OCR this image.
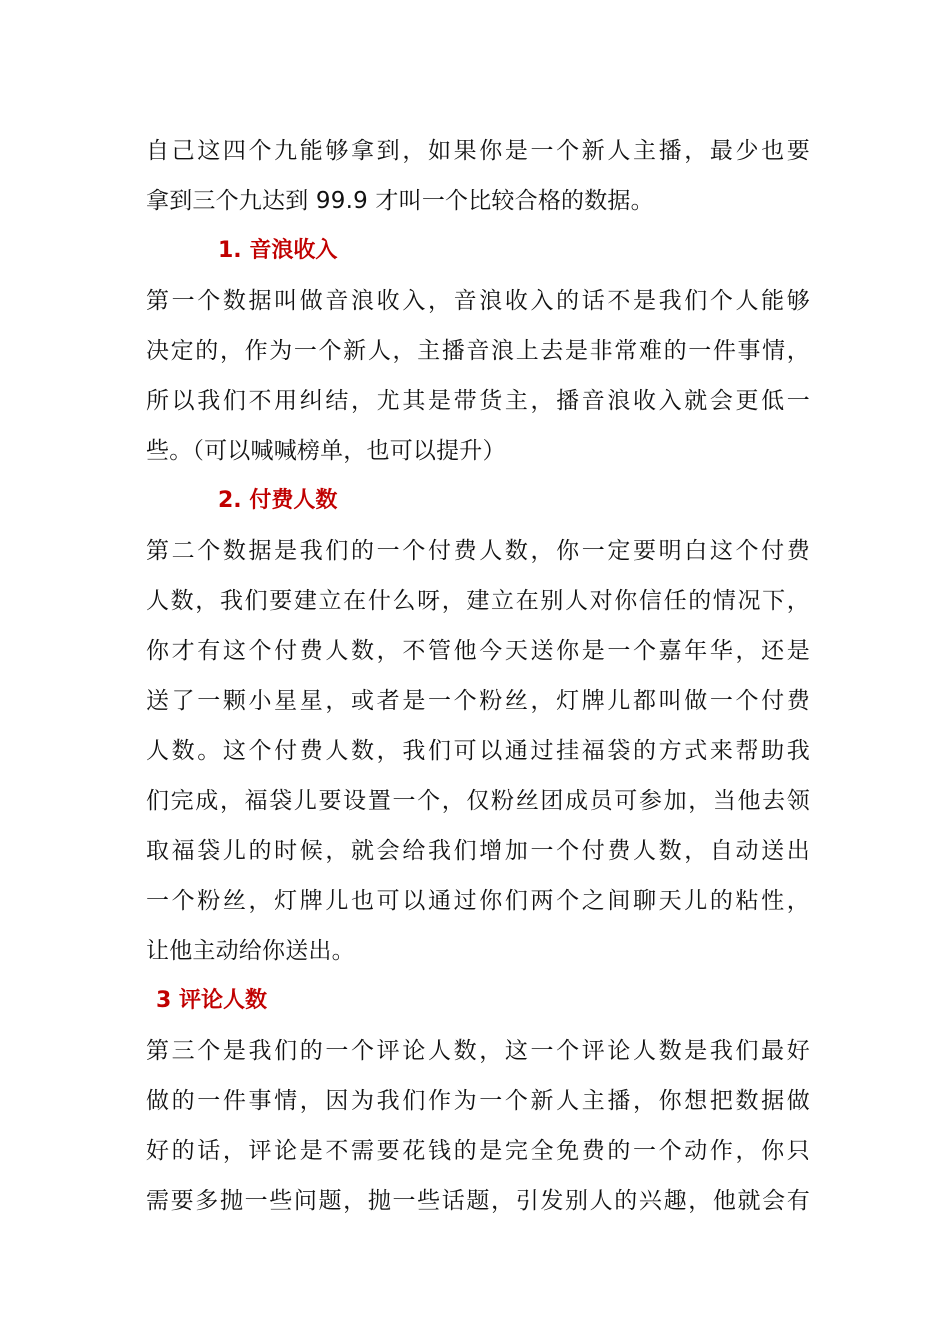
自己这四个九能够拿到，如果你是一个新人主播，最少也要
拿到三个九达到 99.9 才叫一个比较合格的数据。
1. 音浪收入
第一个数据叫做音浪收入，音浪收入的话不是我们个人能够
决定的，作为一个新人，主播音浪上去是非常难的一件事情，
所以我们不用纠结，尤其是带货主，播音浪收入就会更低一
些。（可以喊喊榜单，也可以提升）
2. 付费人数
第二个数据是我们的一个付费人数，你一定要明白这个付费
人数，我们要建立在什么呀，建立在别人对你信任的情况下，
你才有这个付费人数，不管他今天送你是一个嘉年华，还是
送了一颗小星星，或者是一个粉丝，灯牌儿都叫做一个付费
人数。这个付费人数，我们可以通过挂福袋的方式来帮助我
们完成，福袋儿要设置一个，仅粉丝团成员可参加，当他去领
取福袋儿的时候，就会给我们增加一个付费人数，自动送出
一个粉丝，灯牌儿也可以通过你们两个之间聊天儿的粘性，
让他主动给你送出。
3 评论人数
第三个是我们的一个评论人数，这一个评论人数是我们最好
做的一件事情，因为我们作为一个新人主播，你想把数据做
好的话，评论是不需要花钱的是完全免费的一个动作，你只
需要多抛一些问题，抛一些话题，引发别人的兴趣，他就会有
